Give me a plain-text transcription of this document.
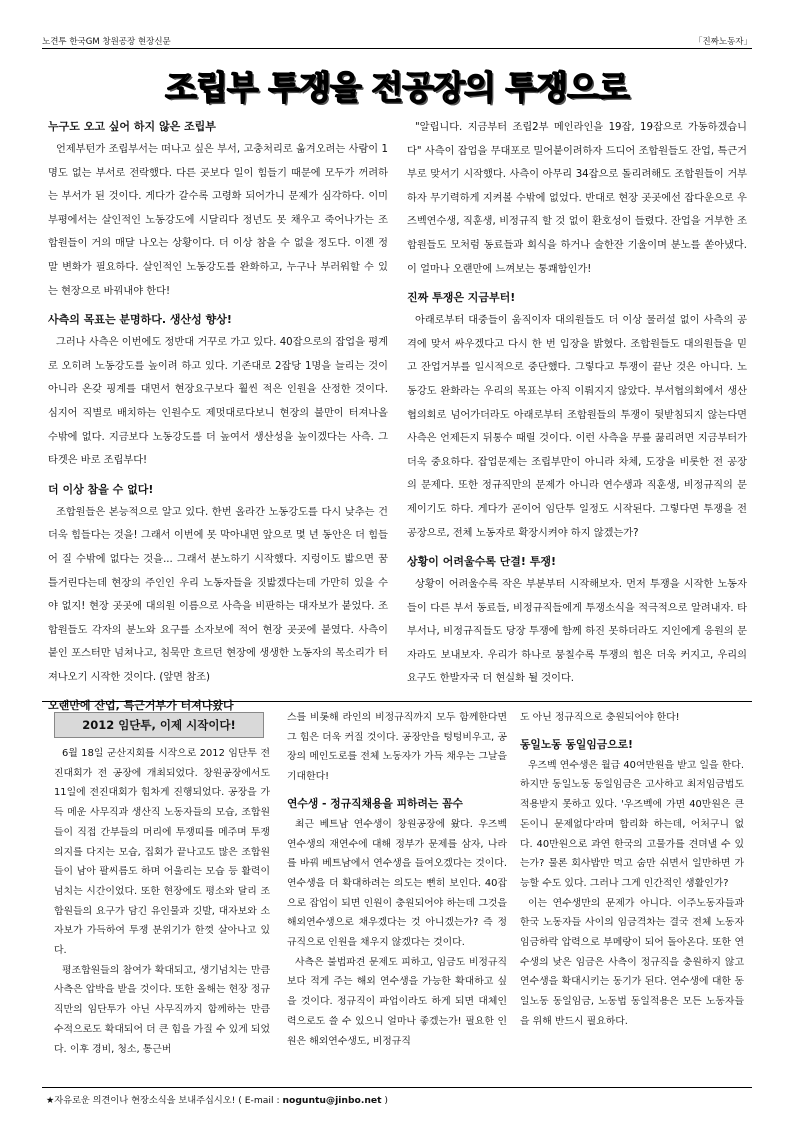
노견투 한국GM 창원공장 현장신문	「진짜노동자」
조립부 투쟁을 전공장의 투쟁으로
누구도 오고 싶어 하지 않은 조립부

언제부턴가 조립부서는 떠나고 싶은 부서, 고충처리로 옮겨오려는 사람이 1명도 없는 부서로 전락했다. 다른 곳보다 일이 힘들기 때문에 모두가 꺼려하는 부서가 된 것이다. 게다가 갈수록 고령화 되어가니 문제가 심각하다. 이미 부평에서는 살인적인 노동강도에 시달리다 정년도 못 채우고 죽어나가는 조합원들이 거의 매달 나오는 상황이다. 더 이상 참을 수 없을 정도다. 이젠 정말 변화가 필요하다. 살인적인 노동강도를 완화하고, 누구나 부러워할 수 있는 현장으로 바꿔내야 한다!

사측의 목표는 분명하다. 생산성 향상!

그러나 사측은 이번에도 정반대 거꾸로 가고 있다. 40잡으로의 잡업을 평계로 오히려 노동강도를 높이려 하고 있다. 기존대로 2잡당 1명을 늘리는 것이 아니라 온갖 핑계를 대면서 현장요구보다 훨씬 적은 인원을 산정한 것이다. 심지어 직별로 배치하는 인원수도 제멋대로다보니 현장의 불만이 터져나올 수밖에 없다. 지금보다 노동강도를 더 높여서 생산성을 높이겠다는 사측. 그 타겟은 바로 조립부다!

더 이상 참을 수 없다!

조합원들은 본능적으로 알고 있다. 한번 올라간 노동강도를 다시 낮추는 건 더욱 힘들다는 것을! 그래서 이번에 못 막아내면 앞으로 몇 년 동안은 더 힘들어 질 수밖에 없다는 것을... 그래서 분노하기 시작했다. 지렁이도 밟으면 꿈틀거린다는데 현장의 주인인 우리 노동자들을 짓밟겠다는데 가만히 있을 수야 없지! 현장 곳곳에 대의원 이름으로 사측을 비판하는 대자보가 붙었다. 조합원들도 각자의 분노와 요구를 소자보에 적어 현장 곳곳에 붙였다. 사측이 붙인 포스터만 넘쳐나고, 침묵만 흐르던 현장에 생생한 노동자의 목소리가 터져나오기 시작한 것이다. (앞면 참조)

오랜만에 잔업, 특근거부가 터져나왔다

"알립니다. 지금부터 조립2부 메인라인을 19잡, 19잡으로 가동하겠습니다" 사측이 잡업을 무대포로 밀어붙이려하자 드디어 조합원들도 잔업, 특근거부로 맞서기 시작했다. 사측이 아무리 34잡으로 돌리려해도 조합원들이 거부하자 무기력하게 지켜볼 수밖에 없었다. 반대로 현장 곳곳에선 잡다운으로 우즈벡연수생, 직훈생, 비정규직 할 것 없이 환호성이 들렸다. 잔업을 거부한 조합원들도 모처럼 동료들과 회식을 하거나 술한잔 기울이며 분노를 쏟아냈다. 이 얼마나 오랜만에 느껴보는 통쾌함인가!

진짜 투쟁은 지금부터!

아래로부터 대중들이 움직이자 대의원들도 더 이상 물러설 없이 사측의 공격에 맞서 싸우겠다고 다시 한 번 입장을 밝혔다. 조합원들도 대의원들을 믿고 잔업거부를 일시적으로 중단했다. 그렇다고 투쟁이 끝난 것은 아니다. 노동강도 완화라는 우리의 목표는 아직 이뤄지지 않았다. 부서협의회에서 생산협의회로 넘어가더라도 아래로부터 조합원들의 투쟁이 뒷받침되지 않는다면 사측은 언제든지 뒤통수 때릴 것이다. 이런 사측을 무릎 꿇리려면 지금부터가 더욱 중요하다. 잡업문제는 조립부만이 아니라 차체, 도장을 비롯한 전 공장의 문제다. 또한 정규직만의 문제가 아니라 연수생과 직훈생, 비정규직의 문제이기도 하다. 게다가 곧이어 임단투 일정도 시작된다. 그렇다면 투쟁을 전 공장으로, 전체 노동자로 확장시켜야 하지 않겠는가?

상황이 어려울수록 단결! 투쟁!

상황이 어려울수록 작은 부분부터 시작해보자. 먼저 투쟁을 시작한 노동자들이 다른 부서 동료들, 비정규직들에게 투쟁소식을 적극적으로 알려내자. 타부서나, 비정규직들도 당장 투쟁에 함께 하진 못하더라도 지인에게 응원의 문자라도 보내보자. 우리가 하나로 뭉칠수록 투쟁의 힘은 더욱 커지고, 우리의 요구도 한발자국 더 현실화 될 것이다.

2012 임단투, 이제 시작이다!

6월 18일 군산지회를 시작으로 2012 임단투 전진대회가 전 공장에 개최되었다. 창원공장에서도 11일에 전진대회가 힘차게 진행되었다. 공장을 가득 메운 사무직과 생산직 노동자들의 모습, 조합원들이 직접 간부들의 머리에 투쟁띠를 메주며 투쟁의지를 다지는 모습, 집회가 끝나고도 많은 조합원들이 남아 팔씨름도 하며 어울리는 모습 등 활력이 넘치는 시간이었다. 또한 현장에도 평소와 달리 조합원들의 요구가 담긴 유인물과 깃발, 대자보와 소자보가 가득하여 투쟁 분위기가 한껏 살아나고 있다.

평조합원들의 참여가 확대되고, 생기넘치는 만큼 사측은 압박을 받을 것이다. 또한 올해는 현장 정규직만의 임단투가 아닌 사무직까지 함께하는 만큼 수적으로도 확대되어 더 큰 힘을 가질 수 있게 되었다. 이후 경비, 청소, 통근버

스를 비롯해 라인의 비정규직까지 모두 함께한다면 그 힘은 더욱 커질 것이다. 공장안을 텅텅비우고, 공장의 메인도로를 전체 노동자가 가득 채우는 그날을 기대한다!

연수생 - 정규직채용을 피하려는 꼼수

최근 베트남 연수생이 창원공장에 왔다. 우즈벡 연수생의 재연수에 대해 정부가 문제를 삼자, 나라를 바꿔 베트남에서 연수생을 들여오겠다는 것이다. 연수생을 더 확대하려는 의도는 뻔히 보인다. 40잡으로 잡업이 되면 인원이 충원되어야 하는데 그것을 해외연수생으로 채우겠다는 것 아니겠는가? 즉 정규직으로 인원을 채우지 않겠다는 것이다.

사측은 불법파견 문제도 피하고, 임금도 비정규직보다 적게 주는 해외 연수생을 가능한 확대하고 싶을 것이다. 정규직이 파업이라도 하게 되면 대체인력으로도 쓸 수 있으니 얼마나 좋겠는가! 필요한 인원은 해외연수생도, 비정규직

도 아닌 정규직으로 충원되어야 한다!

동일노동 동일임금으로!

우즈벡 연수생은 월급 40여만원을 받고 일을 한다. 하지만 동일노동 동일임금은 고사하고 최저임금법도 적용받지 못하고 있다. '우즈벡에 가면 40만원은 큰 돈이니 문제없다'라며 합리화 하는데, 어처구니 없다. 40만원으로 과연 한국의 고물가를 견뎌낼 수 있는가? 물론 회사밥만 먹고 숨만 쉬면서 일만하면 가능할 수도 있다. 그러나 그게 인간적인 생활인가?

이는 연수생만의 문제가 아니다. 이주노동자들과 한국 노동자들 사이의 임금격차는 결국 전체 노동자 임금하락 압력으로 부메랑이 되어 돌아온다. 또한 연수생의 낮은 임금은 사측이 정규직을 충원하지 않고 연수생을 확대시키는 동기가 된다. 연수생에 대한 동일노동 동일임금, 노동법 동일적용은 모든 노동자들을 위해 반드시 필요하다.

★자유로운 의견이나 현장소식을 보내주십시오! ( E-mail : noguntu@jinbo.net )
